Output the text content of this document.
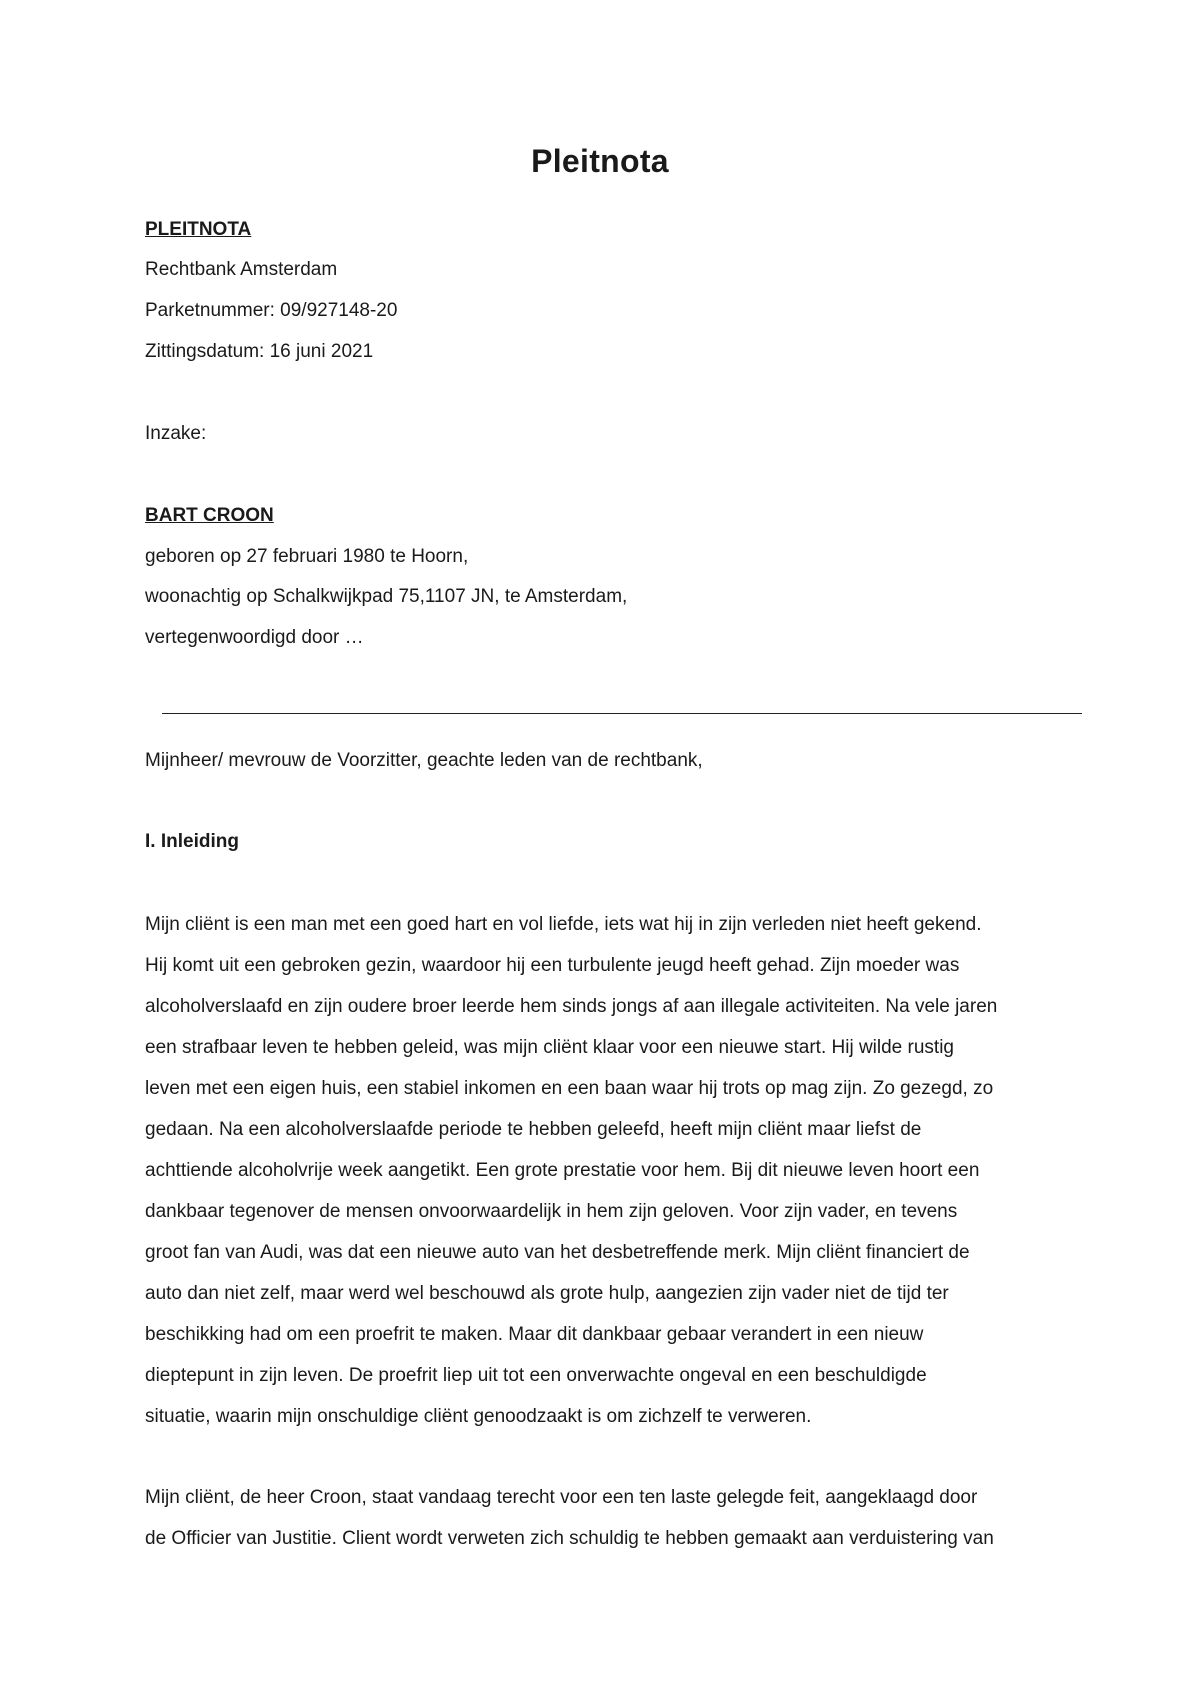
Pleitnota
PLEITNOTA
Rechtbank Amsterdam
Parketnummer: 09/927148-20
Zittingsdatum: 16 juni 2021
Inzake:
BART CROON
geboren op 27 februari 1980 te Hoorn,
woonachtig op Schalkwijkpad 75,1107 JN, te Amsterdam,
vertegenwoordigd door …
Mijnheer/ mevrouw de Voorzitter, geachte leden van de rechtbank,
I. Inleiding
Mijn cliënt is een man met een goed hart en vol liefde, iets wat hij in zijn verleden niet heeft gekend.
Hij komt uit een gebroken gezin, waardoor hij een turbulente jeugd heeft gehad. Zijn moeder was
alcoholverslaafd en zijn oudere broer leerde hem sinds jongs af aan illegale activiteiten. Na vele jaren
een strafbaar leven te hebben geleid, was mijn cliënt klaar voor een nieuwe start. Hij wilde rustig
leven met een eigen huis, een stabiel inkomen en een baan waar hij trots op mag zijn. Zo gezegd, zo
gedaan. Na een alcoholverslaafde periode te hebben geleefd, heeft mijn cliënt maar liefst de
achttiende alcoholvrije week aangetikt. Een grote prestatie voor hem. Bij dit nieuwe leven hoort een
dankbaar tegenover de mensen onvoorwaardelijk in hem zijn geloven. Voor zijn vader, en tevens
groot fan van Audi, was dat een nieuwe auto van het desbetreffende merk. Mijn cliënt financiert de
auto dan niet zelf, maar werd wel beschouwd als grote hulp, aangezien zijn vader niet de tijd ter
beschikking had om een proefrit te maken. Maar dit dankbaar gebaar verandert in een nieuw
dieptepunt in zijn leven. De proefrit liep uit tot een onverwachte ongeval en een beschuldigde
situatie, waarin mijn onschuldige cliënt genoodzaakt is om zichzelf te verweren.
Mijn cliënt, de heer Croon, staat vandaag terecht voor een ten laste gelegde feit, aangeklaagd door
de Officier van Justitie. Client wordt verweten zich schuldig te hebben gemaakt aan verduistering van
